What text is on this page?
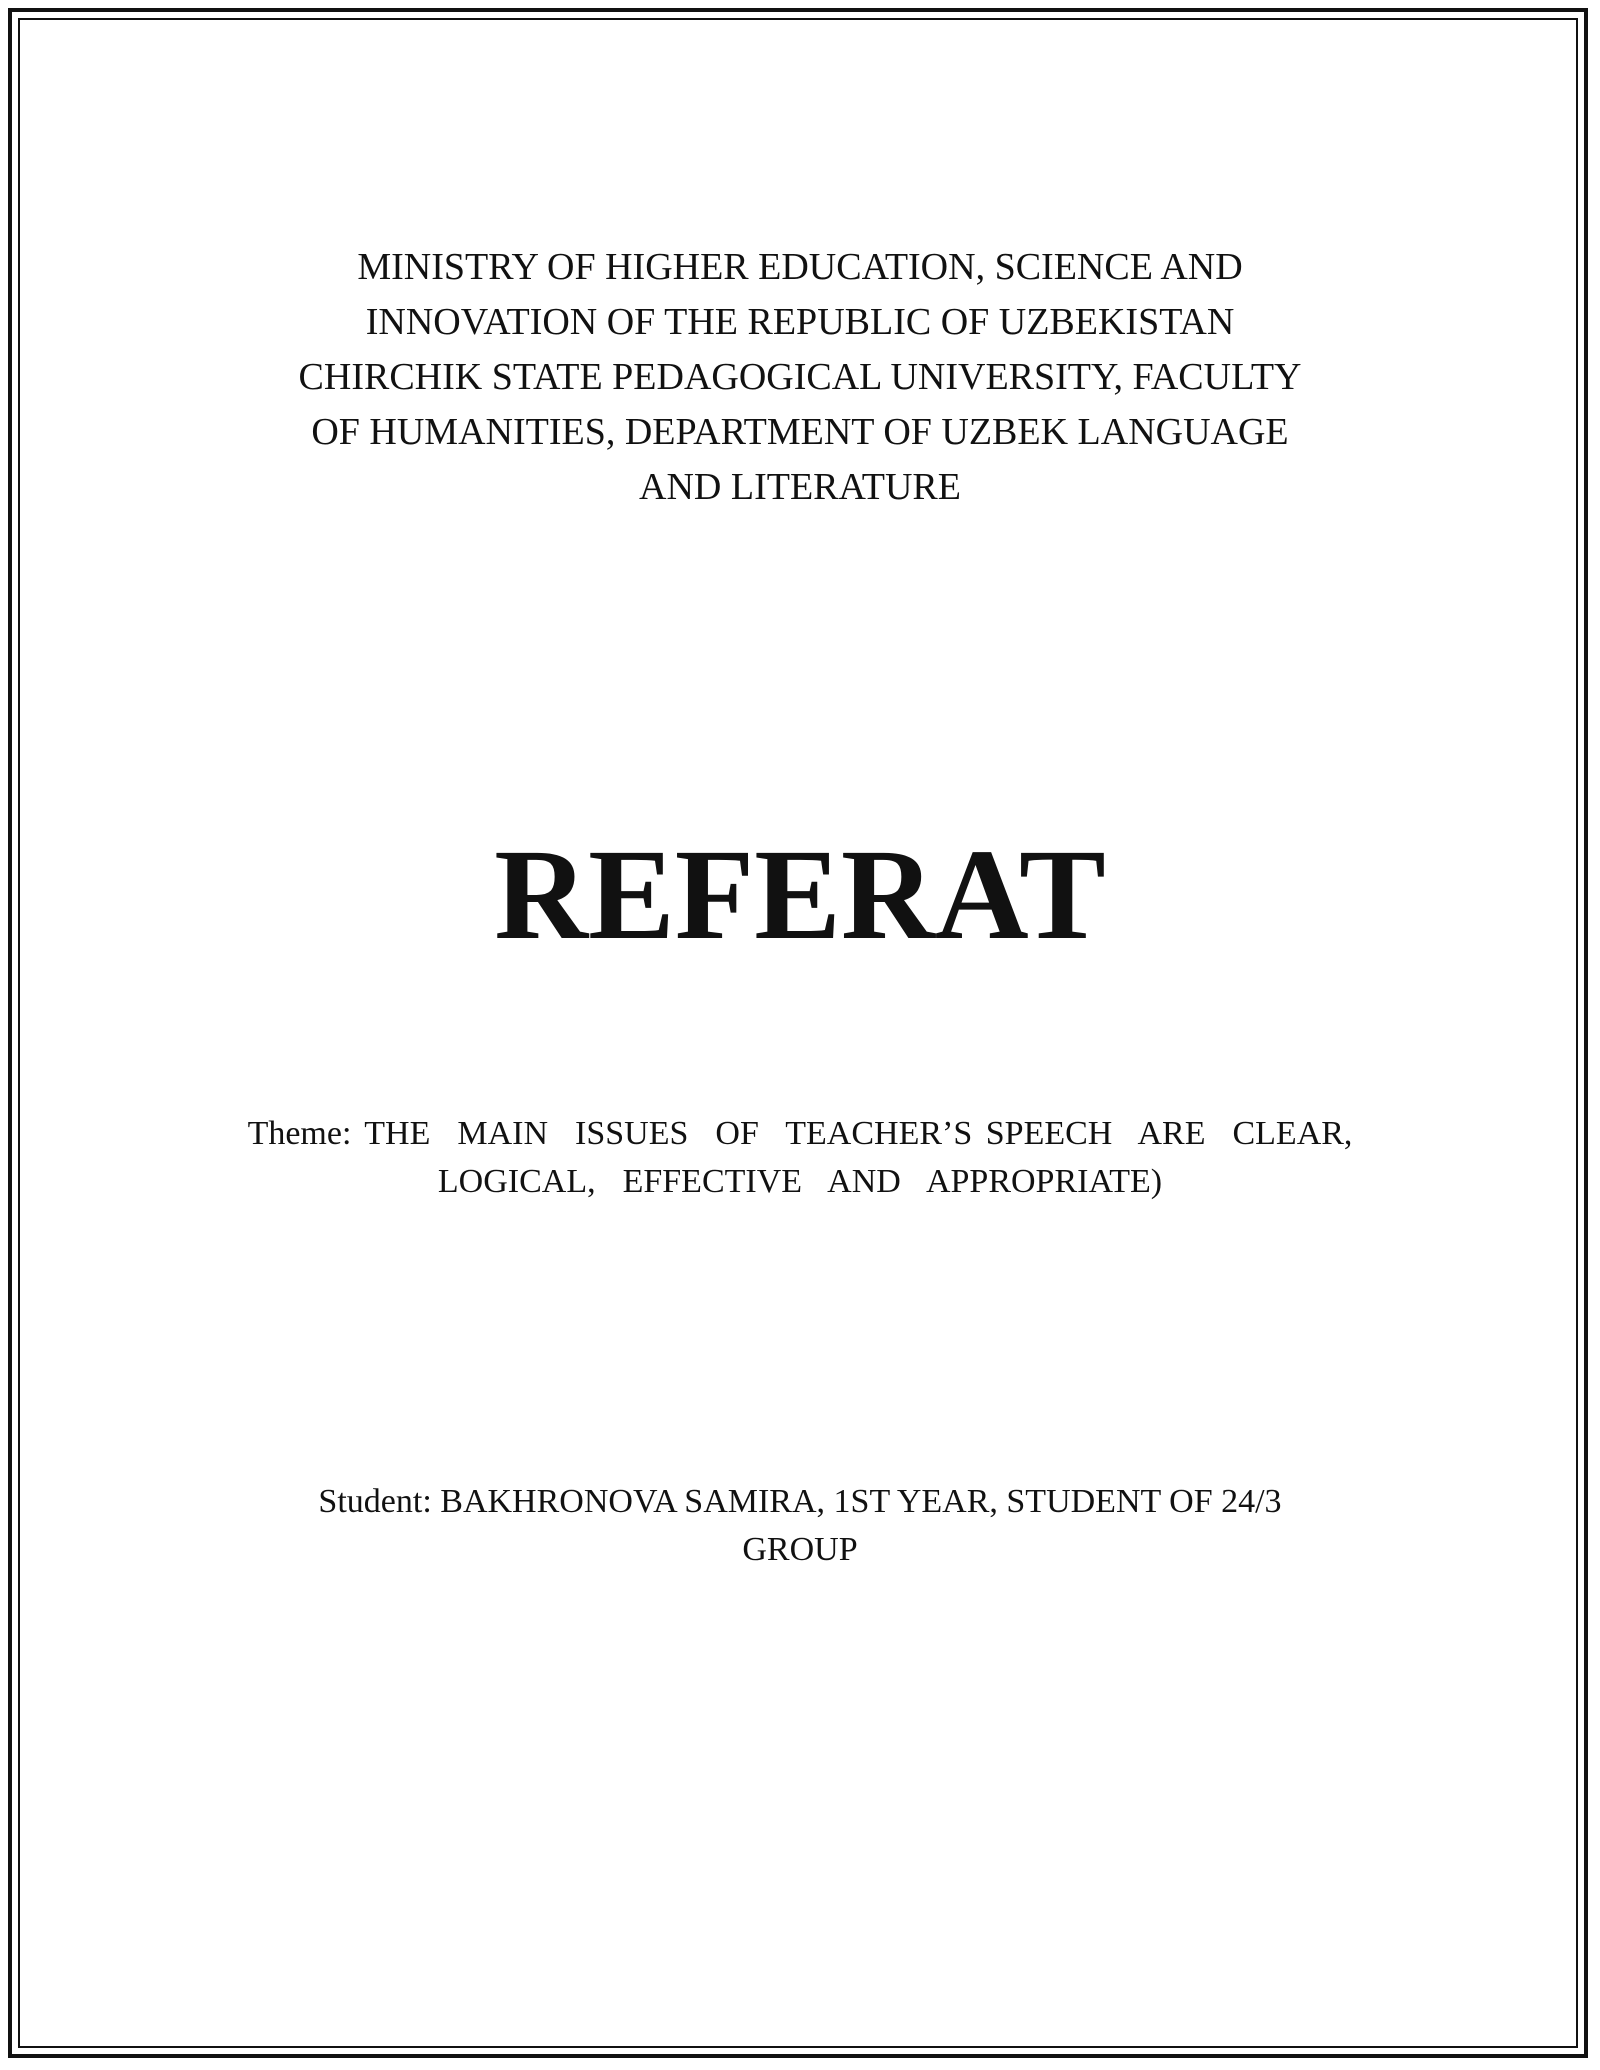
MINISTRY OF HIGHER EDUCATION, SCIENCE AND
INNOVATION OF THE REPUBLIC OF UZBEKISTAN
CHIRCHIK STATE PEDAGOGICAL UNIVERSITY, FACULTY
OF HUMANITIES, DEPARTMENT OF UZBEK LANGUAGE
AND LITERATURE
REFERAT
Theme: THE  MAIN  ISSUES  OF  TEACHER’S SPEECH  ARE  CLEAR,
LOGICAL,  EFFECTIVE  AND  APPROPRIATE)
Student: BAKHRONOVA SAMIRA, 1ST YEAR, STUDENT OF 24/3
GROUP
